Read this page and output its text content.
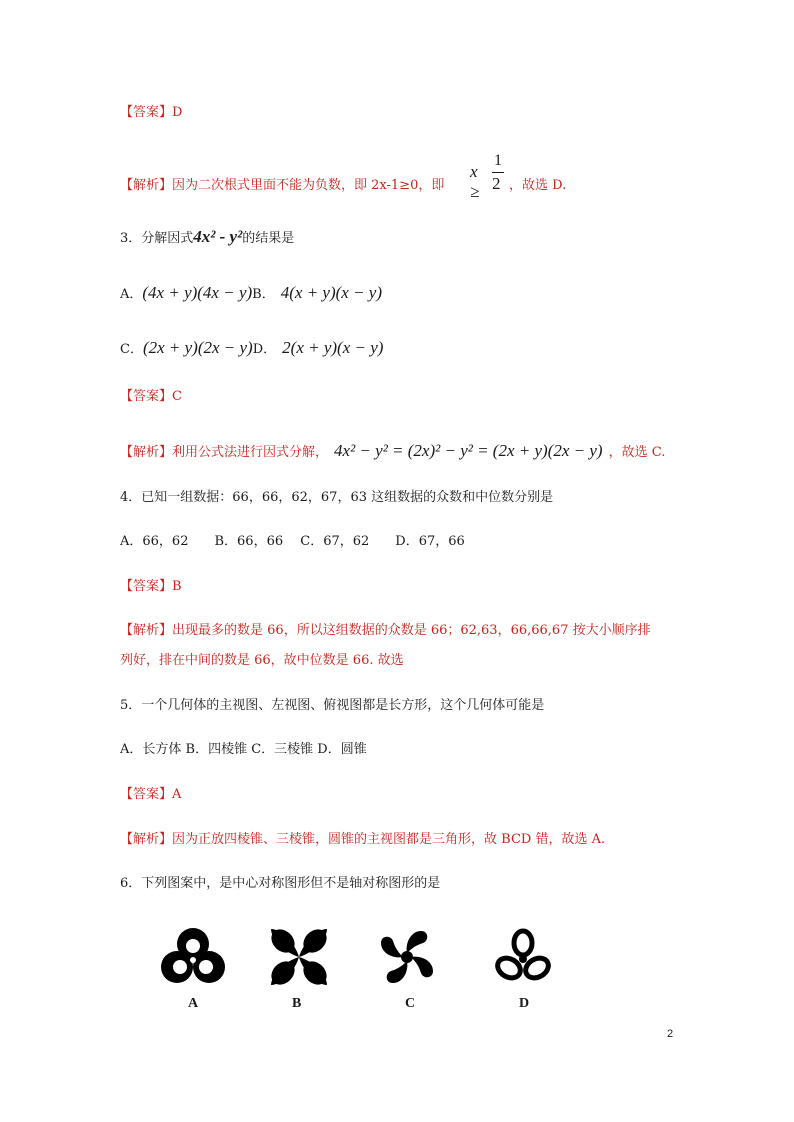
【答案】D
【解析】因为二次根式里面不能为负数，即 2x-1≥0，即
x ≥
1
2 ，故选 D.
3．分解因式4x² - y²的结果是
A．(4x + y)(4x − y)B． 4(x + y)(x − y)
C．(2x + y)(2x − y)D． 2(x + y)(x − y)
【答案】C
【解析】利用公式法进行因式分解， 4x² − y² = (2x)² − y² = (2x + y)(2x − y) ，故选 C.
4．已知一组数据：66，66，62，67，63 这组数据的众数和中位数分别是
A．66，62　　B．66，66　 C．67，62　　D．67，66
【答案】B
【解析】出现最多的数是 66，所以这组数据的众数是 66；62,63，66,66,67 按大小顺序排
列好，排在中间的数是 66，故中位数是 66. 故选
5．一个几何体的主视图、左视图、俯视图都是长方形，这个几何体可能是
A．长方体 B．四棱锥 C．三棱锥 D．圆锥
【答案】A
【解析】因为正放四棱锥、三棱锥，圆锥的主视图都是三角形，故 BCD 错，故选 A.
6．下列图案中，是中心对称图形但不是轴对称图形的是
A	B	C	D
2
